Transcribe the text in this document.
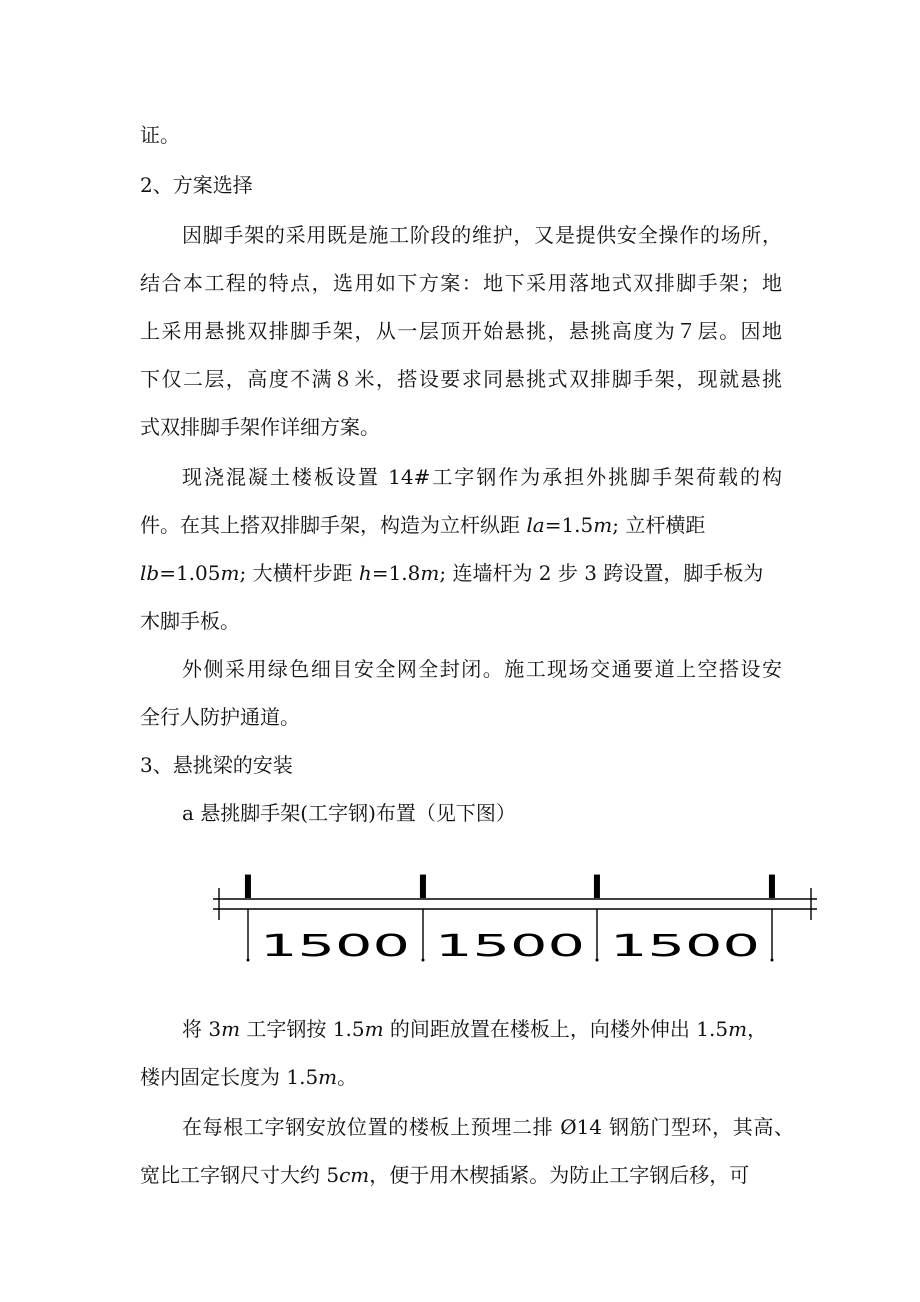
证。
2、方案选择
因脚手架的采用既是施工阶段的维护，又是提供安全操作的场所，
结合本工程的特点，选用如下方案：地下采用落地式双排脚手架；地
上采用悬挑双排脚手架，从一层顶开始悬挑，悬挑高度为７层。因地
下仅二层，高度不满８米，搭设要求同悬挑式双排脚手架，现就悬挑
式双排脚手架作详细方案。
现浇混凝土楼板设置 14#工字钢作为承担外挑脚手架荷载的构
件。在其上搭双排脚手架，构造为立杆纵距 la=1.5m; 立杆横距
lb=1.05m; 大横杆步距 h=1.8m; 连墙杆为 2 步 3 跨设置，脚手板为
木脚手板。
外侧采用绿色细目安全网全封闭。施工现场交通要道上空搭设安
全行人防护通道。
3、悬挑梁的安装
a 悬挑脚手架(工字钢)布置（见下图）
I	I	I	I
1500 1500 1500
将 3m 工字钢按 1.5m 的间距放置在楼板上，向楼外伸出 1.5m，
楼内固定长度为 1.5m。
在每根工字钢安放位置的楼板上预埋二排 Ø14 钢筋门型环，其高、
宽比工字钢尺寸大约 5cm，便于用木楔插紧。为防止工字钢后移，可
